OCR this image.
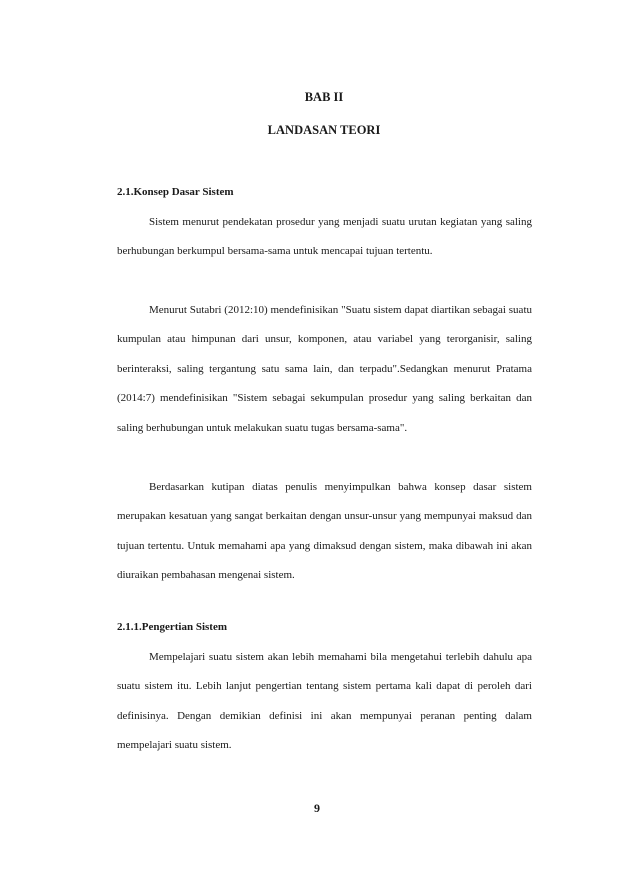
BAB II
LANDASAN TEORI
2.1.Konsep Dasar Sistem

Sistem menurut pendekatan prosedur yang menjadi suatu urutan kegiatan yang saling berhubungan berkumpul bersama-sama untuk mencapai tujuan tertentu.

Menurut Sutabri (2012:10) mendefinisikan "Suatu sistem dapat diartikan sebagai suatu kumpulan atau himpunan dari unsur, komponen, atau variabel yang terorganisir, saling berinteraksi, saling tergantung satu sama lain, dan terpadu".Sedangkan menurut Pratama (2014:7) mendefinisikan "Sistem sebagai sekumpulan prosedur yang saling berkaitan dan saling berhubungan untuk melakukan suatu tugas bersama-sama".

Berdasarkan kutipan diatas penulis menyimpulkan bahwa konsep dasar sistem merupakan kesatuan yang sangat berkaitan dengan unsur-unsur yang mempunyai maksud dan tujuan tertentu. Untuk memahami apa yang dimaksud dengan sistem, maka dibawah ini akan diuraikan pembahasan mengenai sistem.

2.1.1.Pengertian Sistem

Mempelajari suatu sistem akan lebih memahami bila mengetahui terlebih dahulu apa suatu sistem itu. Lebih lanjut pengertian tentang sistem pertama kali dapat di peroleh dari definisinya. Dengan demikian definisi ini akan mempunyai peranan penting dalam mempelajari suatu sistem.

9
